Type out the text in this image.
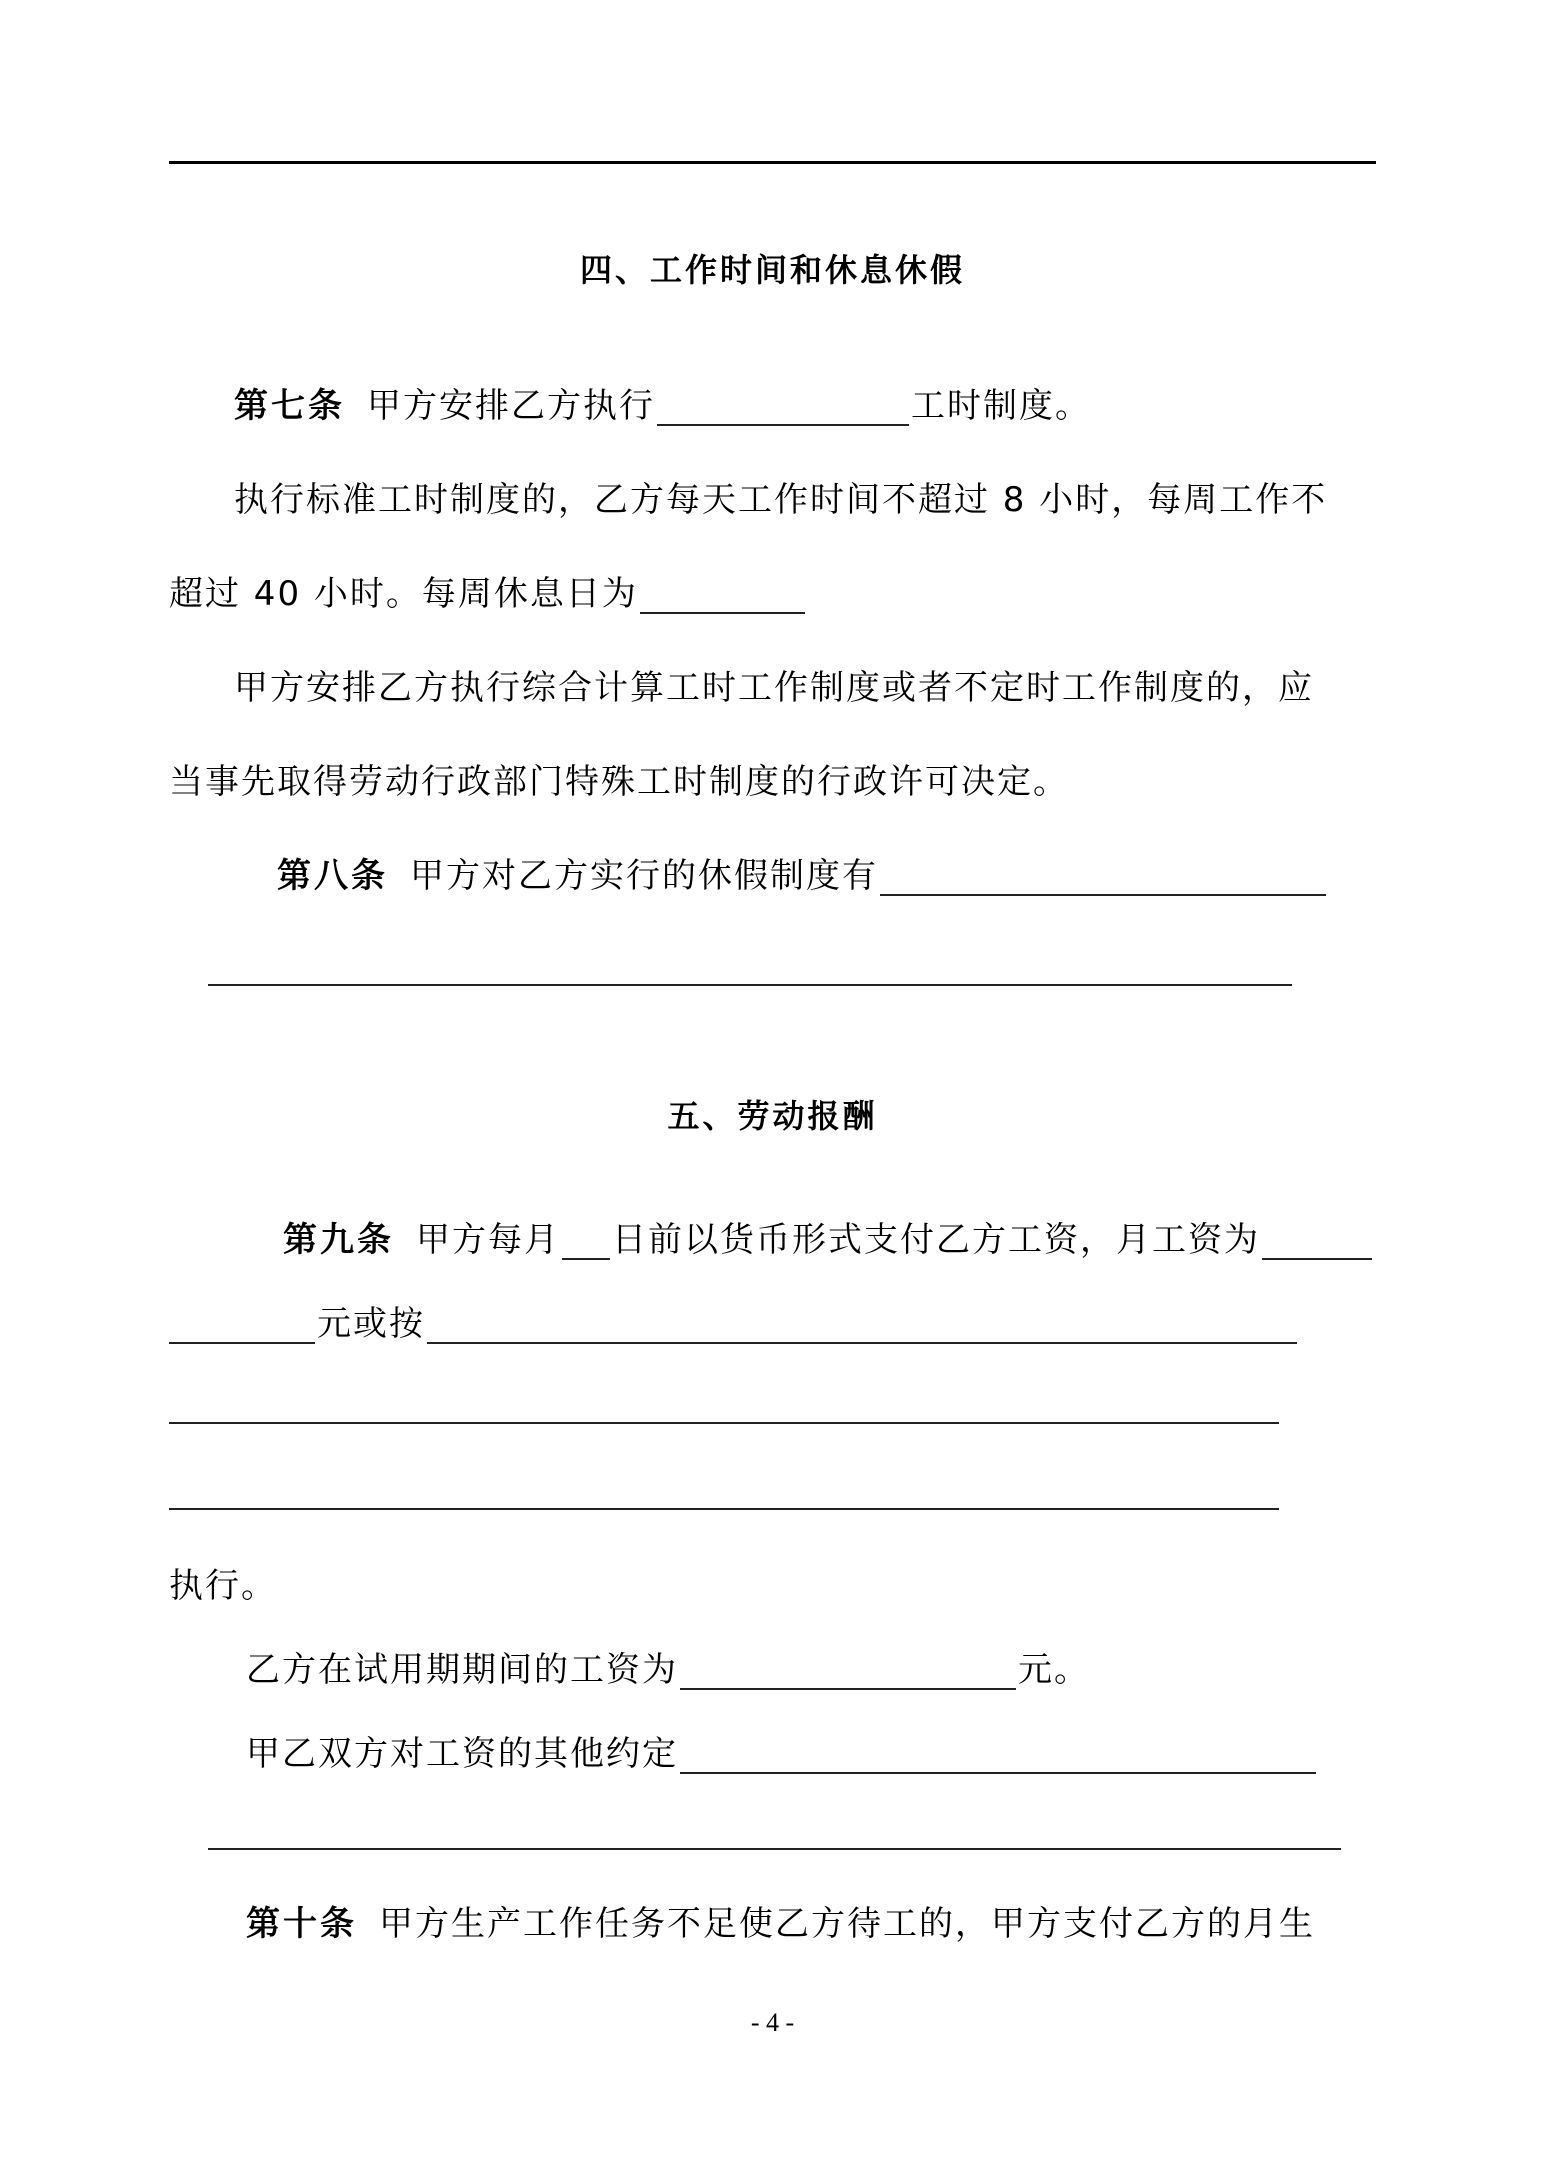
四、工作时间和休息休假
第七条 甲方安排乙方执行	工时制度。
执行标准工时制度的，乙方每天工作时间不超过 8 小时，每周工作不
超过 40 小时。每周休息日为
甲方安排乙方执行综合计算工时工作制度或者不定时工作制度的，应
当事先取得劳动行政部门特殊工时制度的行政许可决定。
第八条 甲方对乙方实行的休假制度有
五、劳动报酬
第九条 甲方每月 日前以货币形式支付乙方工资，月工资为
元或按
执行。
乙方在试用期期间的工资为	元。
甲乙双方对工资的其他约定
第十条 甲方生产工作任务不足使乙方待工的，甲方支付乙方的月生
- 4 -
